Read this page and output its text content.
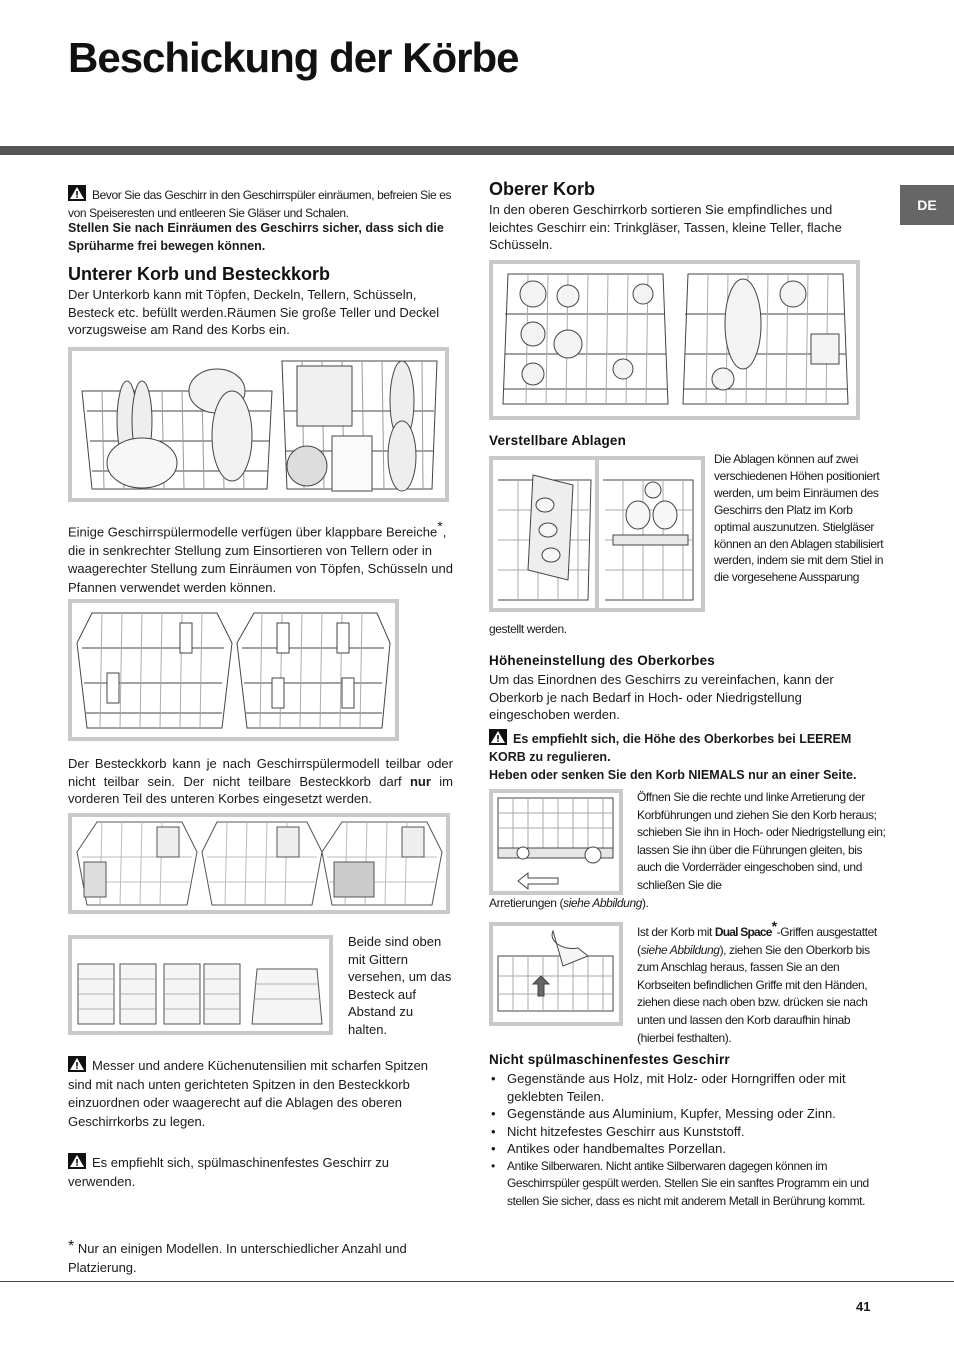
Beschickung der Körbe
DE
Bevor Sie das Geschirr in den Geschirrspüler einräumen, befreien Sie es von Speiseresten und entleeren Sie Gläser und Schalen.
Stellen Sie nach Einräumen des Geschirrs sicher, dass sich die Sprüharme frei bewegen können.
Unterer Korb und Besteckkorb
Der Unterkorb kann mit Töpfen, Deckeln, Tellern, Schüsseln, Besteck etc. befüllt werden.Räumen Sie große Teller und Deckel vorzugsweise am Rand des Korbs ein.
Einige Geschirrspülermodelle verfügen über klappbare Bereiche*, die in senkrechter Stellung zum Einsortieren von Tellern oder in waagerechter Stellung zum Einräumen von Töpfen, Schüsseln und Pfannen verwendet werden können.
Der Besteckkorb kann je nach Geschirrspülermodell teilbar oder nicht teilbar sein. Der nicht teilbare Besteckkorb darf nur im vorderen Teil des unteren Korbes eingesetzt werden.
Beide sind oben mit Gittern versehen, um das Besteck auf Abstand zu halten.
Messer und andere Küchenutensilien mit scharfen Spitzen sind mit nach unten gerichteten Spitzen in den Besteckkorb einzuordnen oder waagerecht auf die Ablagen des oberen Geschirrkorbs zu legen.
Es empfiehlt sich, spülmaschinenfestes Geschirr zu verwenden.
* Nur an einigen Modellen. In unterschiedlicher Anzahl und Platzierung.
Oberer Korb
In den oberen Geschirrkorb sortieren Sie empfindliches und leichtes Geschirr ein: Trinkgläser, Tassen, kleine Teller, flache Schüsseln.
Verstellbare Ablagen
Die Ablagen können auf zwei verschiedenen Höhen positioniert werden, um beim Einräumen des Geschirrs den Platz im Korb optimal auszunutzen. Stielgläser können an den Ablagen stabilisiert werden, indem sie mit dem Stiel in die vorgesehene Aussparung
gestellt werden.
Höheneinstellung des Oberkorbes
Um das Einordnen des Geschirrs zu vereinfachen, kann der Oberkorb je nach Bedarf in Hoch- oder Niedrigstellung eingeschoben werden.
Es empfiehlt sich, die Höhe des Oberkorbes bei LEEREM KORB zu regulieren.
Heben oder senken Sie den Korb NIEMALS nur an einer Seite.
Öffnen Sie die rechte und linke Arretierung der Korbführungen und ziehen Sie den Korb heraus; schieben Sie ihn in Hoch- oder Niedrigstellung ein; lassen Sie ihn über die Führungen gleiten, bis auch die Vorderräder eingeschoben sind, und schließen Sie die
Arretierungen (siehe Abbildung).
Ist der Korb mit Dual Space*-Griffen ausgestattet (siehe Abbildung), ziehen Sie den Oberkorb bis zum Anschlag heraus, fassen Sie an den Korbseiten befindlichen Griffe mit den Händen, ziehen diese nach oben bzw. drücken sie nach unten und lassen den Korb daraufhin hinab (hierbei festhalten).
Nicht spülmaschinenfestes Geschirr
• Gegenstände aus Holz, mit Holz- oder Horngriffen oder mit geklebten Teilen.
• Gegenstände aus Aluminium, Kupfer, Messing oder Zinn.
• Nicht hitzefestes Geschirr aus Kunststoff.
• Antikes oder handbemaltes Porzellan.
• Antike Silberwaren. Nicht antike Silberwaren dagegen können im Geschirrspüler gespült werden. Stellen Sie ein sanftes Programm ein und stellen Sie sicher, dass es nicht mit anderem Metall in Berührung kommt.
41
